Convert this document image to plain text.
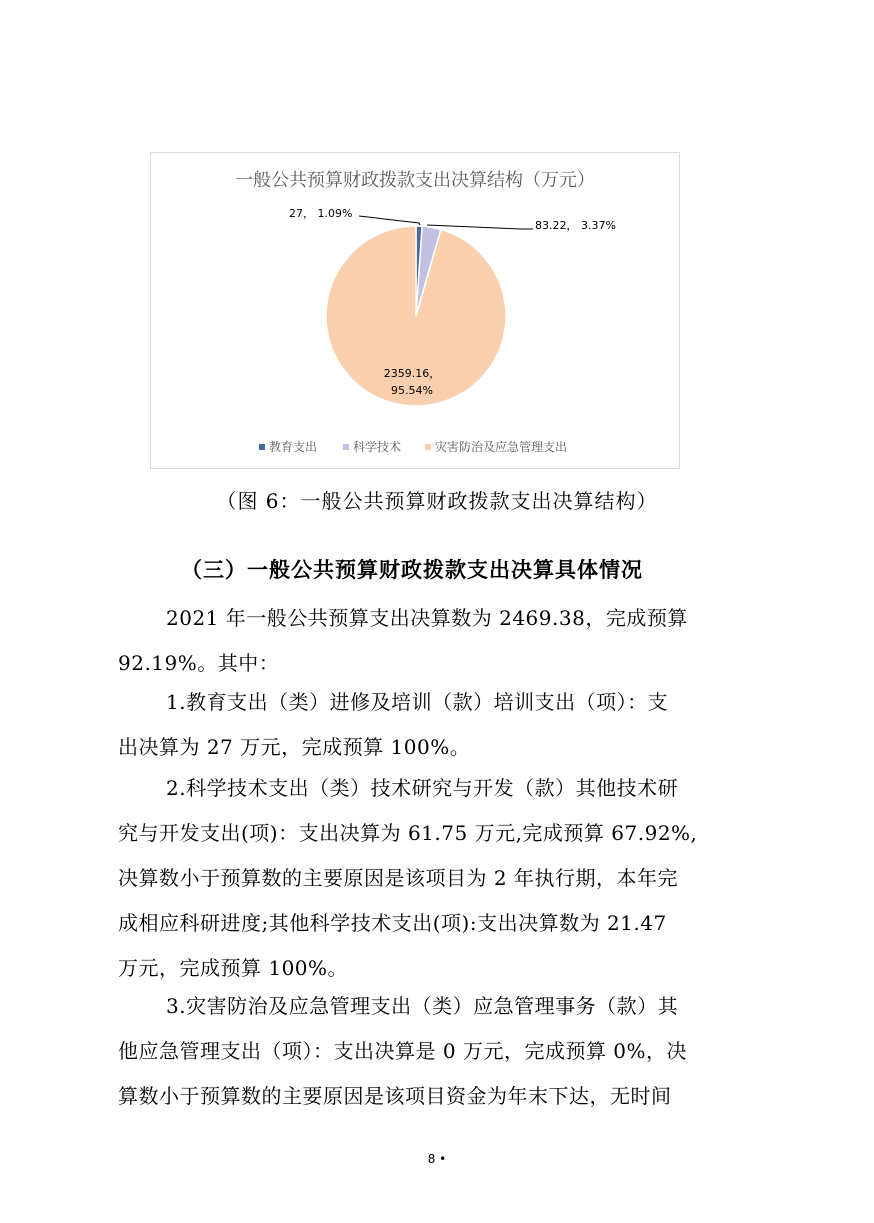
一般公共预算财政拨款支出决算结构（万元）
27， 1.09%
83.22， 3.37%
2359.16，
95.54%
教育支出	科学技术	灾害防治及应急管理支出
（图 6：一般公共预算财政拨款支出决算结构）
（三）一般公共预算财政拨款支出决算具体情况
2021 年一般公共预算支出决算数为 2469.38，完成预算
92.19%。其中：
1.教育支出（类）进修及培训（款）培训支出（项）：支
出决算为 27 万元，完成预算 100%。
2.科学技术支出（类）技术研究与开发（款）其他技术研
究与开发支出(项)：支出决算为 61.75 万元,完成预算 67.92%,
决算数小于预算数的主要原因是该项目为 2 年执行期，本年完
成相应科研进度;其他科学技术支出(项):支出决算数为 21.47
万元，完成预算 100%。
3.灾害防治及应急管理支出（类）应急管理事务（款）其
他应急管理支出（项）：支出决算是 0 万元，完成预算 0%，决
算数小于预算数的主要原因是该项目资金为年末下达，无时间
8 •
